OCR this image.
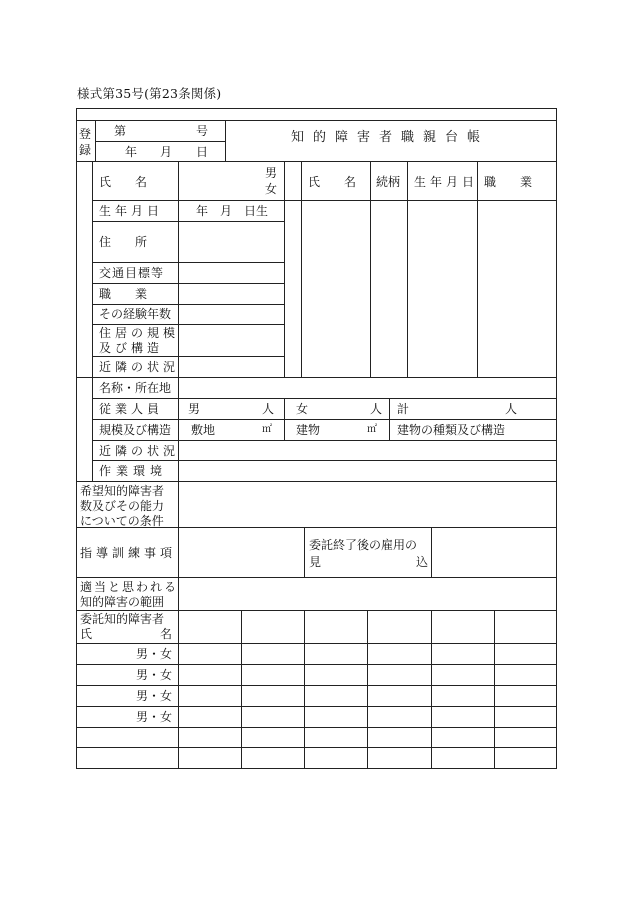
様式第35号(第23条関係)
登録
第	号
年 月 日
知的障害者職親台帳
氏　　名
男
女
生年月日	年　月　日生
住　　所
交通目標等
職　　業
その経験年数
住居の規模
及び構造
近隣の状況
氏　　名 続柄 生年月日 職　　業
名称・所在地
従業人員 男	人 女	人 計	人
規模及び構造 敷地	㎡ 建物	㎡ 建物の種類及び構造
近隣の状況
作業環境
希望知的障害者
数及びその能力
についての条件
指導訓練事項
委託終了後の雇用の
見	込
適当と思われる
知的障害の範囲
委託知的障害者
氏	名
男・女
男・女
男・女
男・女
